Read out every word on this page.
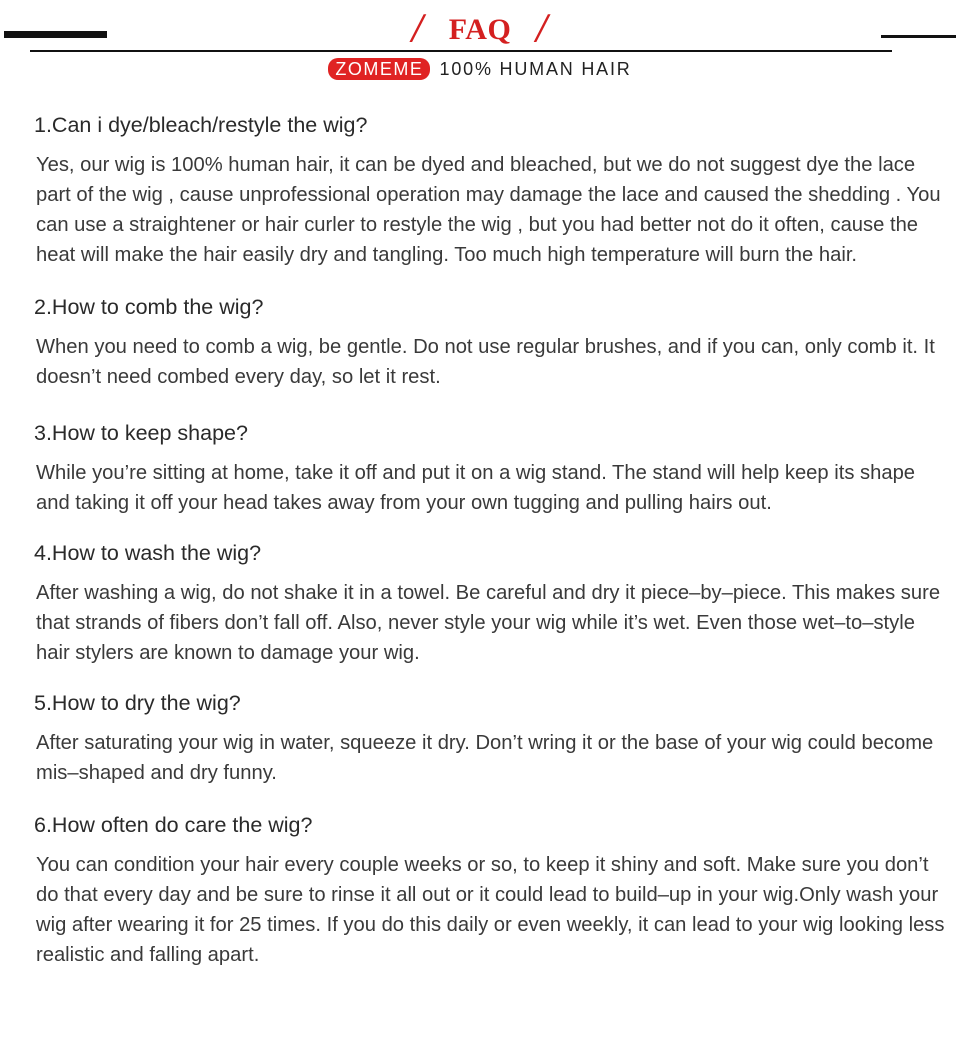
/ FAQ /
ZOMEME 100% HUMAN HAIR

1.Can i dye/bleach/restyle the wig?

Yes, our wig is 100% human hair, it can be dyed and bleached, but we do not suggest dye the lace part of the wig , cause unprofessional operation may damage the lace and caused the shedding . You can use a straightener or hair curler to restyle the wig , but you had better not do it often, cause the heat will make the hair easily dry and tangling. Too much high temperature will burn the hair.

2.How to comb the wig?

When you need to comb a wig, be gentle. Do not use regular brushes, and if you can, only comb it. It doesn’t need combed every day, so let it rest.

3.How to keep shape?

While you’re sitting at home, take it off and put it on a wig stand. The stand will help keep its shape and taking it off your head takes away from your own tugging and pulling hairs out.

4.How to wash the wig?

After washing a wig, do not shake it in a towel. Be careful and dry it piece–by–piece. This makes sure that strands of fibers don’t fall off. Also, never style your wig while it’s wet. Even those wet–to–style hair stylers are known to damage your wig.

5.How to dry the wig?

After saturating your wig in water, squeeze it dry. Don’t wring it or the base of your wig could become mis–shaped and dry funny.

6.How often do care the wig?

You can condition your hair every couple weeks or so, to keep it shiny and soft. Make sure you don’t do that every day and be sure to rinse it all out or it could lead to build–up in your wig.Only wash your wig after wearing it for 25 times. If you do this daily or even weekly, it can lead to your wig looking less realistic and falling apart.
